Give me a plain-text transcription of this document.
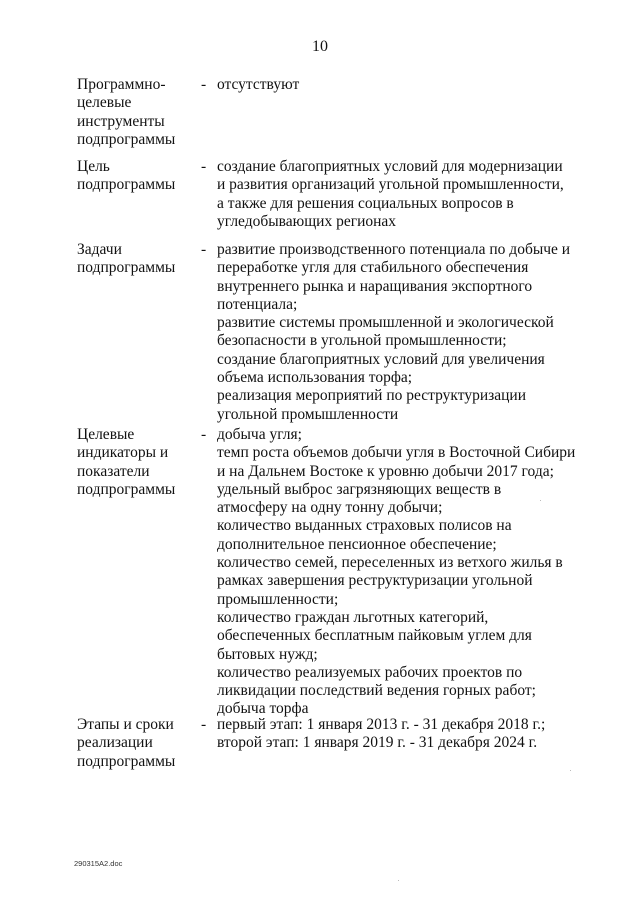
10
Программно-
целевые
инструменты
подпрограммы
- отсутствуют
Цель
подпрограммы
- создание благоприятных условий для модернизации
и развития организаций угольной промышленности,
а также для решения социальных вопросов в
угледобывающих регионах
Задачи
подпрограммы
- развитие производственного потенциала по добыче и
переработке угля для стабильного обеспечения
внутреннего рынка и наращивания экспортного
потенциала;
развитие системы промышленной и экологической
безопасности в угольной промышленности;
создание благоприятных условий для увеличения
объема использования торфа;
реализация мероприятий по реструктуризации
угольной промышленности
Целевые
индикаторы и
показатели
подпрограммы
- добыча угля;
темп роста объемов добычи угля в Восточной Сибири
и на Дальнем Востоке к уровню добычи 2017 года;
удельный выброс загрязняющих веществ в
атмосферу на одну тонну добычи;
количество выданных страховых полисов на
дополнительное пенсионное обеспечение;
количество семей, переселенных из ветхого жилья в
рамках завершения реструктуризации угольной
промышленности;
количество граждан льготных категорий,
обеспеченных бесплатным пайковым углем для
бытовых нужд;
количество реализуемых рабочих проектов по
ликвидации последствий ведения горных работ;
добыча торфа
Этапы и сроки
реализации
подпрограммы
- первый этап: 1 января 2013 г. - 31 декабря 2018 г.;
второй этап: 1 января 2019 г. - 31 декабря 2024 г.
290315A2.doc
